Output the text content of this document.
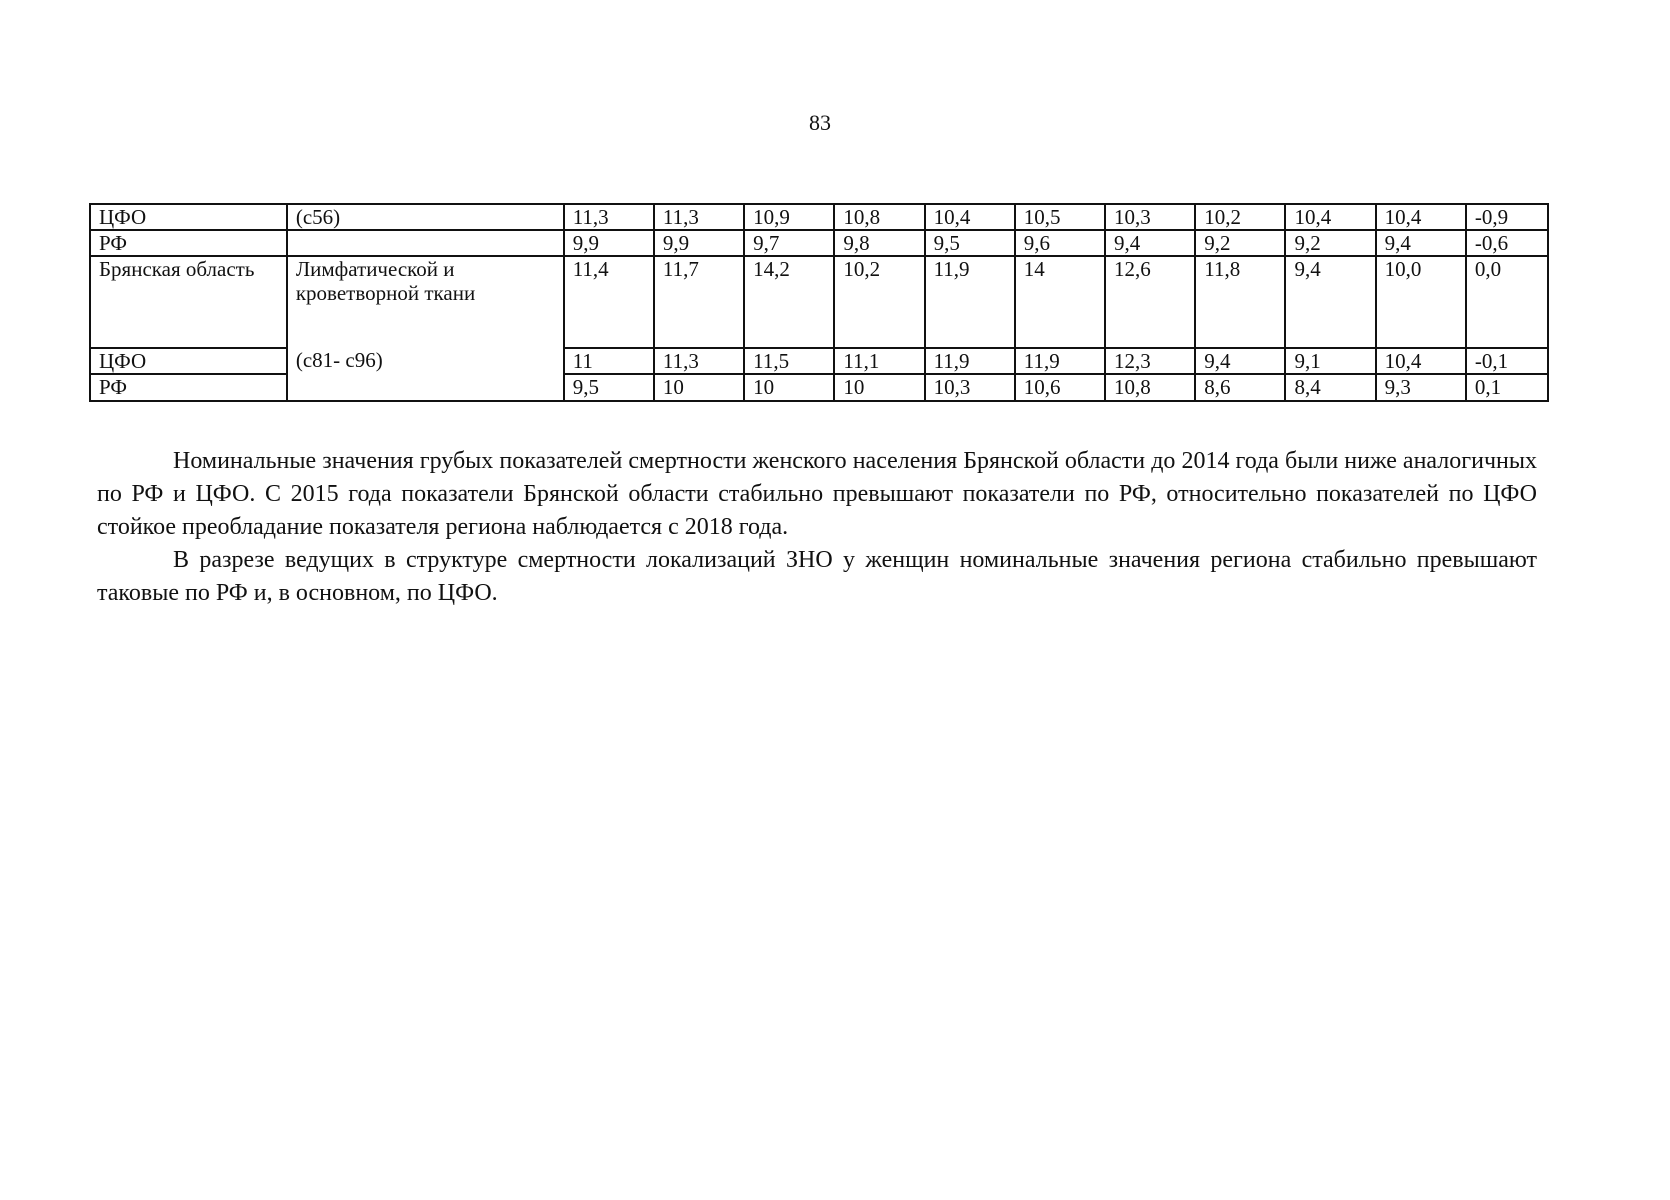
83
ЦФО	(с56)	11,3	11,3	10,9	10,8	10,4	10,5	10,3	10,2	10,4	10,4	-0,9
РФ		9,9	9,9	9,7	9,8	9,5	9,6	9,4	9,2	9,2	9,4	-0,6
Брянская область	Лимфатической и кроветворной ткани	11,4	11,7	14,2	10,2	11,9	14	12,6	11,8	9,4	10,0	0,0
ЦФО	(с81- с96)	11	11,3	11,5	11,1	11,9	11,9	12,3	9,4	9,1	10,4	-0,1
РФ		9,5	10	10	10	10,3	10,6	10,8	8,6	8,4	9,3	0,1

Номинальные значения грубых показателей смертности женского населения Брянской области до 2014 года были ниже аналогичных по РФ и ЦФО. С 2015 года показатели Брянской области стабильно превышают показатели по РФ, относительно показателей по ЦФО стойкое преобладание показателя региона наблюдается с 2018 года.

В разрезе ведущих в структуре смертности локализаций ЗНО у женщин номинальные значения региона стабильно превышают таковые по РФ и, в основном, по ЦФО.
